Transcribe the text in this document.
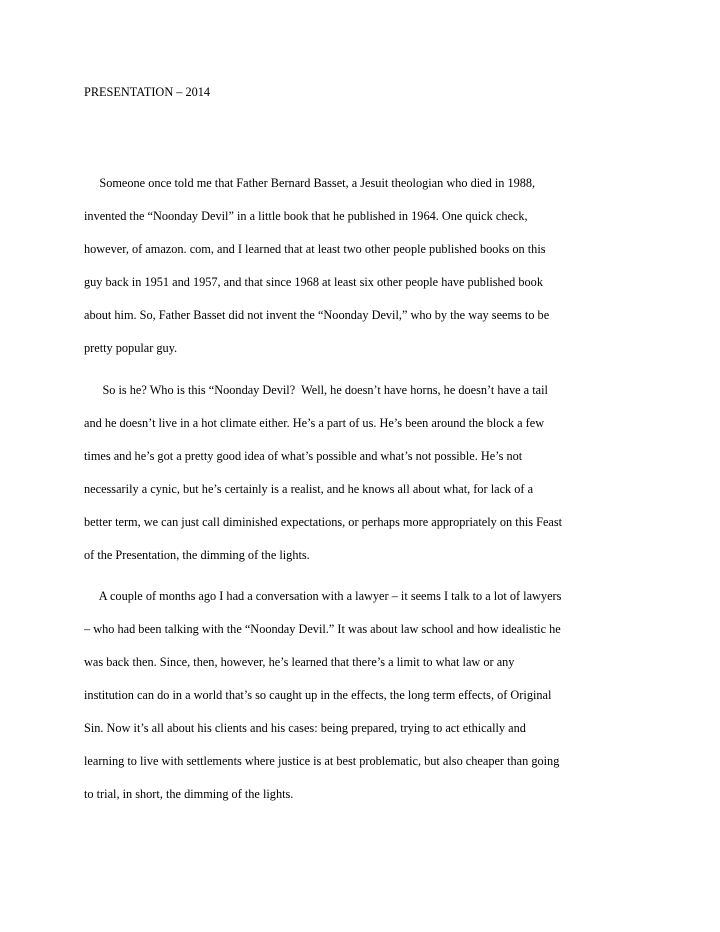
PRESENTATION – 2014
Someone once told me that Father Bernard Basset, a Jesuit theologian who died in 1988,
invented the “Noonday Devil” in a little book that he published in 1964. One quick check,
however, of amazon. com, and I learned that at least two other people published books on this
guy back in 1951 and 1957, and that since 1968 at least six other people have published book
about him. So, Father Basset did not invent the “Noonday Devil,” who by the way seems to be
pretty popular guy.
So is he? Who is this “Noonday Devil?  Well, he doesn’t have horns, he doesn’t have a tail
and he doesn’t live in a hot climate either. He’s a part of us. He’s been around the block a few
times and he’s got a pretty good idea of what’s possible and what’s not possible. He’s not
necessarily a cynic, but he’s certainly is a realist, and he knows all about what, for lack of a
better term, we can just call diminished expectations, or perhaps more appropriately on this Feast
of the Presentation, the dimming of the lights.
A couple of months ago I had a conversation with a lawyer – it seems I talk to a lot of lawyers
– who had been talking with the “Noonday Devil.” It was about law school and how idealistic he
was back then. Since, then, however, he’s learned that there’s a limit to what law or any
institution can do in a world that’s so caught up in the effects, the long term effects, of Original
Sin. Now it’s all about his clients and his cases: being prepared, trying to act ethically and
learning to live with settlements where justice is at best problematic, but also cheaper than going
to trial, in short, the dimming of the lights.
